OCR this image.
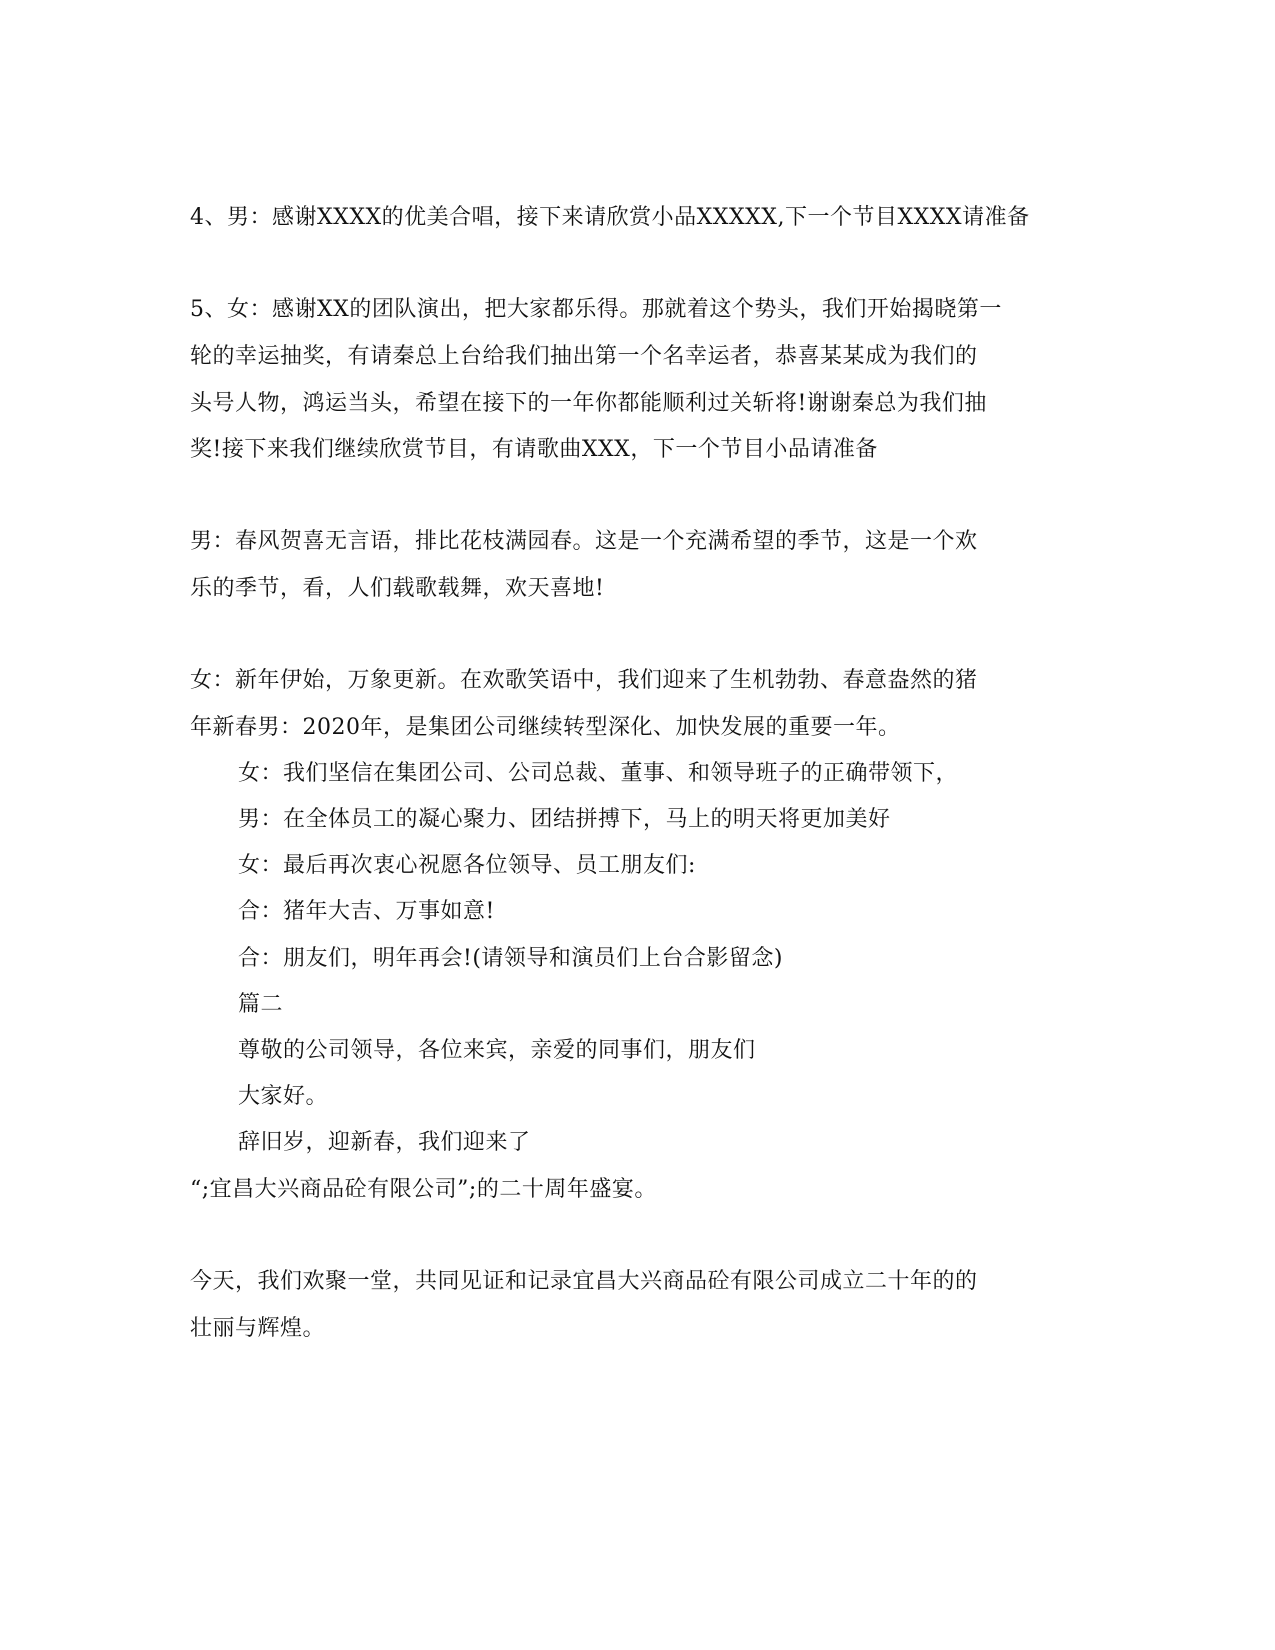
4、男：感谢XXXX的优美合唱，接下来请欣赏小品XXXXX,下一个节目XXXX请准备
5、女：感谢XX的团队演出，把大家都乐得。那就着这个势头，我们开始揭晓第一
轮的幸运抽奖，有请秦总上台给我们抽出第一个名幸运者，恭喜某某成为我们的
头号人物，鸿运当头，希望在接下的一年你都能顺利过关斩将!谢谢秦总为我们抽
奖!接下来我们继续欣赏节目，有请歌曲XXX，下一个节目小品请准备
男：春风贺喜无言语，排比花枝满园春。这是一个充满希望的季节，这是一个欢
乐的季节，看，人们载歌载舞，欢天喜地!
女：新年伊始，万象更新。在欢歌笑语中，我们迎来了生机勃勃、春意盎然的猪
年新春男：2020年，是集团公司继续转型深化、加快发展的重要一年。
女：我们坚信在集团公司、公司总裁、董事、和领导班子的正确带领下，
男：在全体员工的凝心聚力、团结拼搏下，马上的明天将更加美好
女：最后再次衷心祝愿各位领导、员工朋友们:
合：猪年大吉、万事如意!
合：朋友们，明年再会!(请领导和演员们上台合影留念)
篇二
尊敬的公司领导，各位来宾，亲爱的同事们，朋友们
大家好。
辞旧岁，迎新春，我们迎来了
“;宜昌大兴商品砼有限公司”;的二十周年盛宴。
今天，我们欢聚一堂，共同见证和记录宜昌大兴商品砼有限公司成立二十年的的
壮丽与辉煌。
